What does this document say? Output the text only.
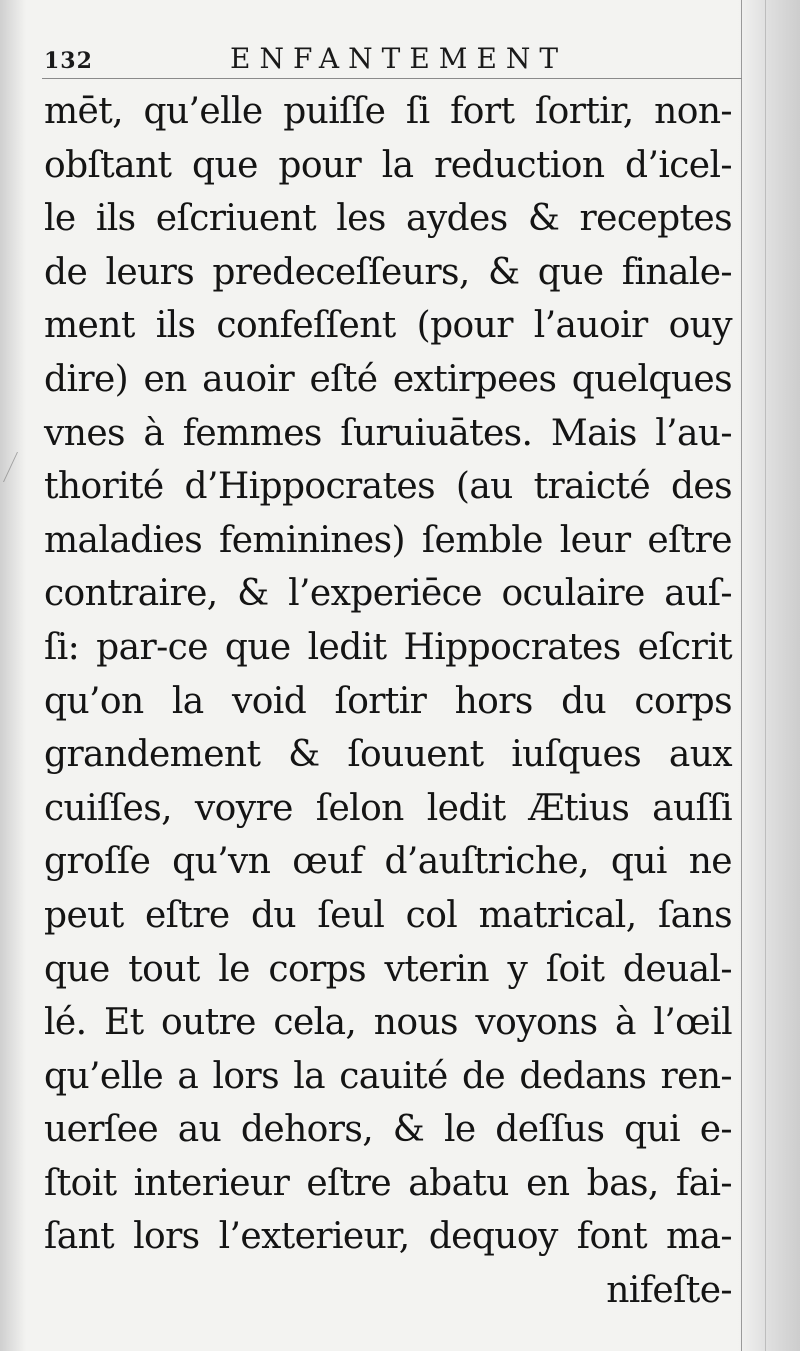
132	ENFANTEMENT
mēt, qu’elle puiſſe ſi fort ſortir, non-
obſtant que pour la reduction d’icel-
le ils eſcriuent les aydes & receptes
de leurs predeceſſeurs, & que finale-
ment ils confeſſent (pour l’auoir ouy
dire) en auoir eſté extirpees quelques
vnes à femmes ſuruiuātes. Mais l’au-
thorité d’Hippocrates (au traicté des
maladies feminines) ſemble leur eſtre
contraire, & l’experiēce oculaire auſ-
ſi: par-ce que ledit Hippocrates eſcrit
qu’on la void ſortir hors du corps
grandement & ſouuent iuſques aux
cuiſſes, voyre ſelon ledit Ætius auſſi
groſſe qu’vn œuf d’auſtriche, qui ne
peut eſtre du ſeul col matrical, ſans
que tout le corps vterin y ſoit deual-
lé. Et outre cela, nous voyons à l’œil
qu’elle a lors la cauité de dedans ren-
uerſee au dehors, & le deſſus qui e-
ſtoit interieur eſtre abatu en bas, fai-
ſant lors l’exterieur, dequoy font ma-
nifeſte-
